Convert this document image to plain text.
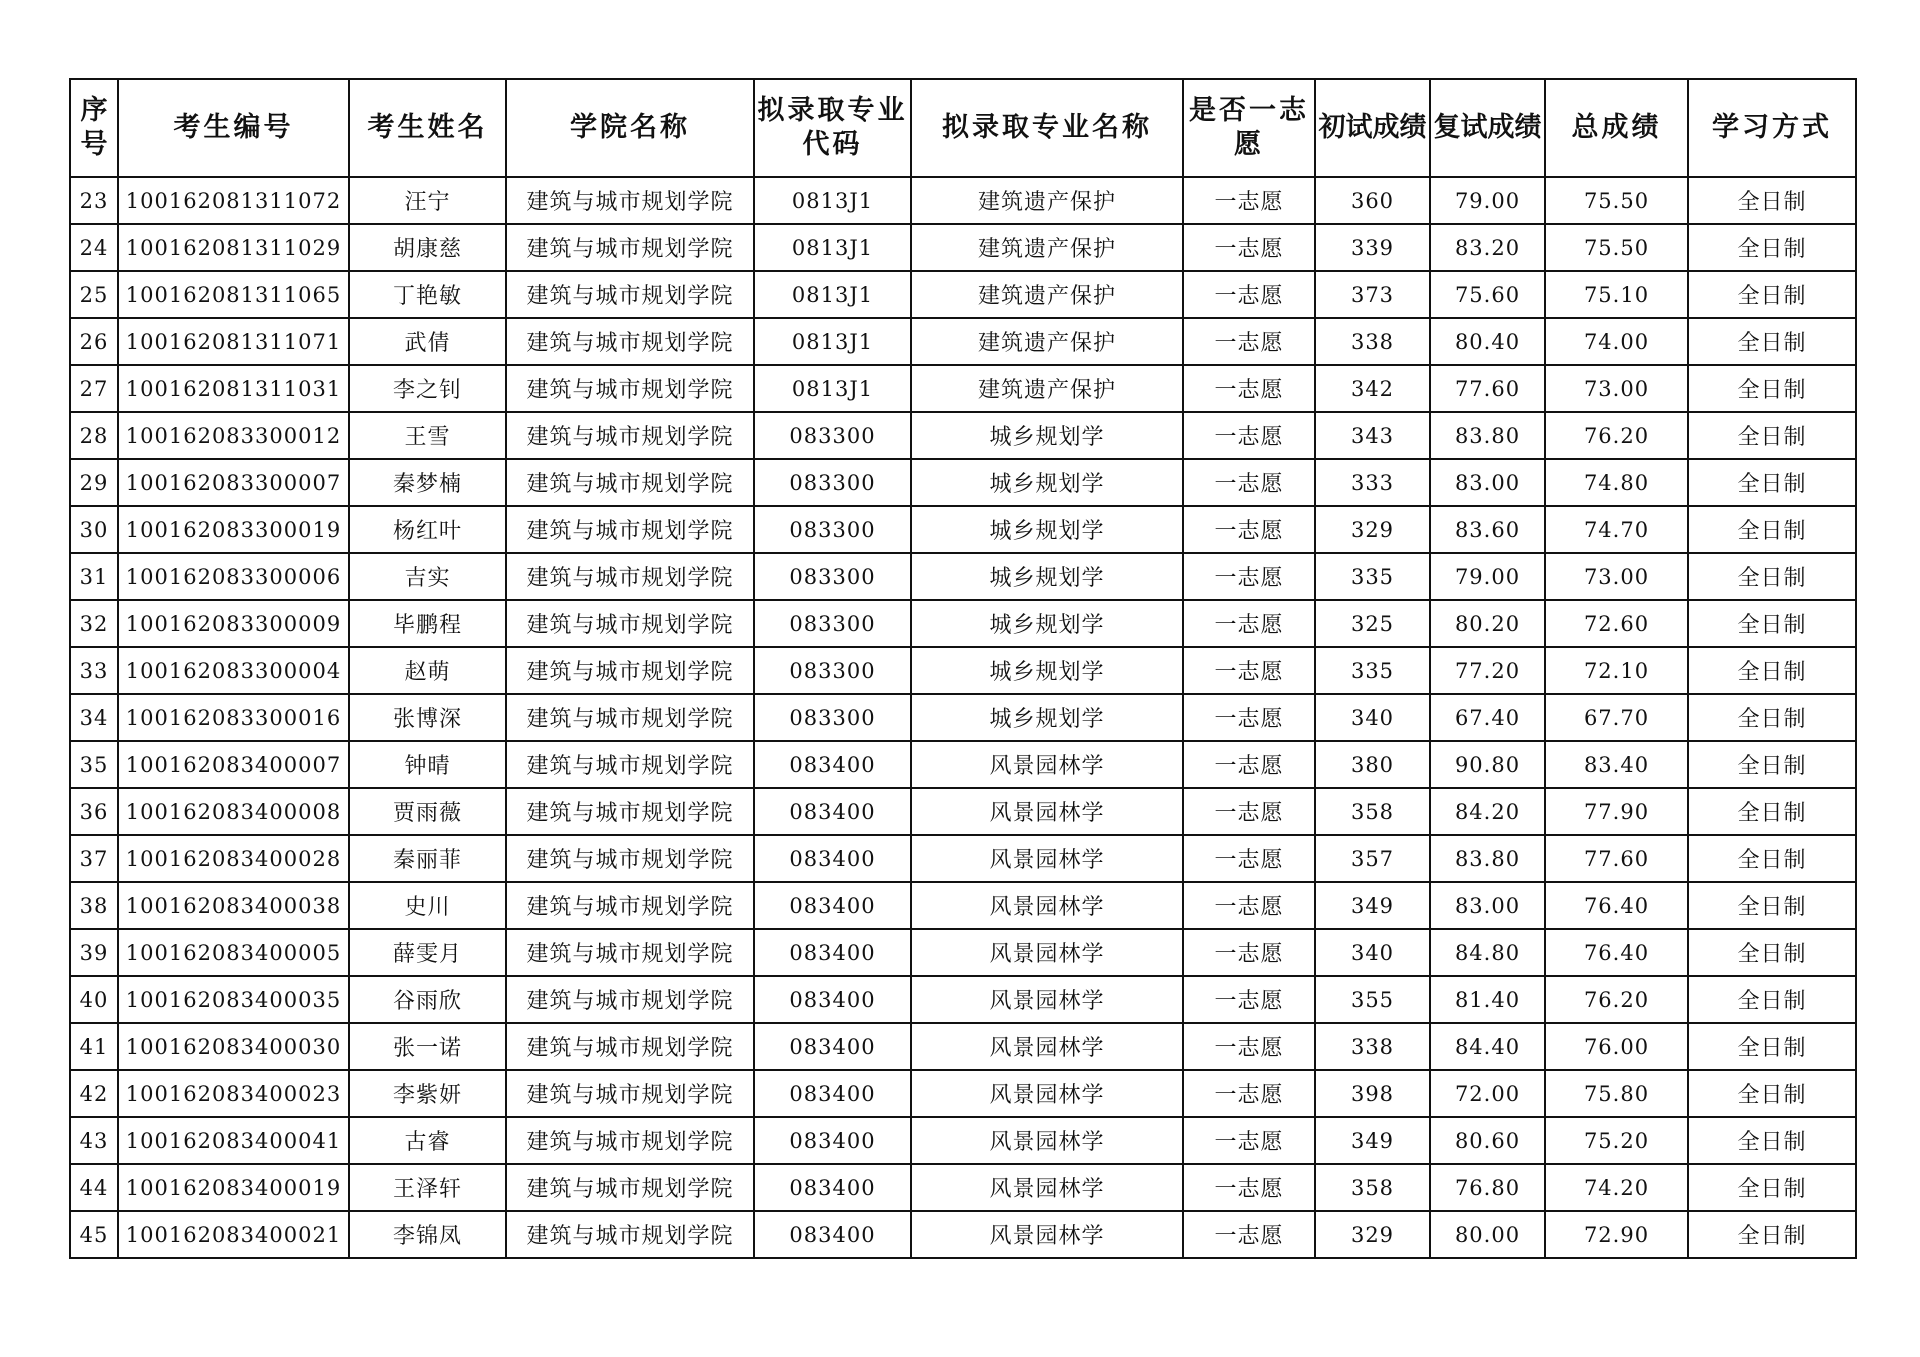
序号	考生编号	考生姓名	学院名称	拟录取专业代码	拟录取专业名称	是否一志愿	初试成绩	复试成绩	总成绩	学习方式
23	100162081311072	汪宁	建筑与城市规划学院	0813J1	建筑遗产保护	一志愿	360	79.00	75.50	全日制
24	100162081311029	胡康慈	建筑与城市规划学院	0813J1	建筑遗产保护	一志愿	339	83.20	75.50	全日制
25	100162081311065	丁艳敏	建筑与城市规划学院	0813J1	建筑遗产保护	一志愿	373	75.60	75.10	全日制
26	100162081311071	武倩	建筑与城市规划学院	0813J1	建筑遗产保护	一志愿	338	80.40	74.00	全日制
27	100162081311031	李之钊	建筑与城市规划学院	0813J1	建筑遗产保护	一志愿	342	77.60	73.00	全日制
28	100162083300012	王雪	建筑与城市规划学院	083300	城乡规划学	一志愿	343	83.80	76.20	全日制
29	100162083300007	秦梦楠	建筑与城市规划学院	083300	城乡规划学	一志愿	333	83.00	74.80	全日制
30	100162083300019	杨红叶	建筑与城市规划学院	083300	城乡规划学	一志愿	329	83.60	74.70	全日制
31	100162083300006	吉实	建筑与城市规划学院	083300	城乡规划学	一志愿	335	79.00	73.00	全日制
32	100162083300009	毕鹏程	建筑与城市规划学院	083300	城乡规划学	一志愿	325	80.20	72.60	全日制
33	100162083300004	赵萌	建筑与城市规划学院	083300	城乡规划学	一志愿	335	77.20	72.10	全日制
34	100162083300016	张博深	建筑与城市规划学院	083300	城乡规划学	一志愿	340	67.40	67.70	全日制
35	100162083400007	钟晴	建筑与城市规划学院	083400	风景园林学	一志愿	380	90.80	83.40	全日制
36	100162083400008	贾雨薇	建筑与城市规划学院	083400	风景园林学	一志愿	358	84.20	77.90	全日制
37	100162083400028	秦丽菲	建筑与城市规划学院	083400	风景园林学	一志愿	357	83.80	77.60	全日制
38	100162083400038	史川	建筑与城市规划学院	083400	风景园林学	一志愿	349	83.00	76.40	全日制
39	100162083400005	薛雯月	建筑与城市规划学院	083400	风景园林学	一志愿	340	84.80	76.40	全日制
40	100162083400035	谷雨欣	建筑与城市规划学院	083400	风景园林学	一志愿	355	81.40	76.20	全日制
41	100162083400030	张一诺	建筑与城市规划学院	083400	风景园林学	一志愿	338	84.40	76.00	全日制
42	100162083400023	李紫妍	建筑与城市规划学院	083400	风景园林学	一志愿	398	72.00	75.80	全日制
43	100162083400041	古睿	建筑与城市规划学院	083400	风景园林学	一志愿	349	80.60	75.20	全日制
44	100162083400019	王泽轩	建筑与城市规划学院	083400	风景园林学	一志愿	358	76.80	74.20	全日制
45	100162083400021	李锦凤	建筑与城市规划学院	083400	风景园林学	一志愿	329	80.00	72.90	全日制
